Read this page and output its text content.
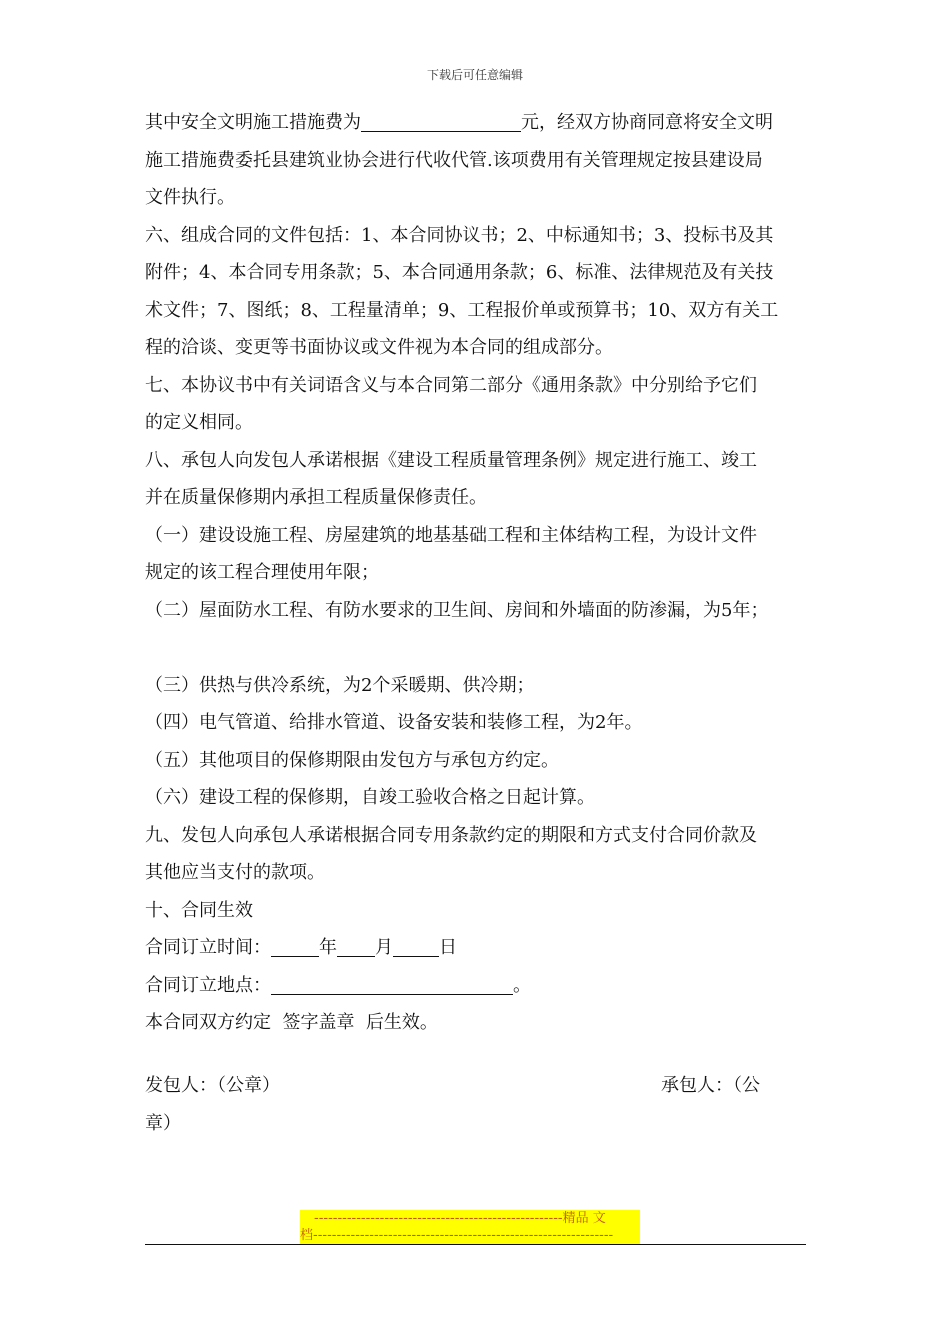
下载后可任意编辑

其中安全文明施工措施费为	元，经双方协商同意将安全文明

施工措施费委托县建筑业协会进行代收代管.该项费用有关管理规定按县建设局

文件执行。

六、组成合同的文件包括：1、本合同协议书；2、中标通知书；3、投标书及其

附件；4、本合同专用条款；5、本合同通用条款；6、标准、法律规范及有关技

术文件；7、图纸；8、工程量清单；9、工程报价单或预算书；10、双方有关工

程的洽谈、变更等书面协议或文件视为本合同的组成部分。

七、本协议书中有关词语含义与本合同第二部分《通用条款》中分别给予它们

的定义相同。

八、承包人向发包人承诺根据《建设工程质量管理条例》规定进行施工、竣工

并在质量保修期内承担工程质量保修责任。

（一）建设设施工程、房屋建筑的地基基础工程和主体结构工程，为设计文件

规定的该工程合理使用年限；

（二）屋面防水工程、有防水要求的卫生间、房间和外墙面的防渗漏，为5年；

（三）供热与供冷系统，为2个采暖期、供冷期；

（四）电气管道、给排水管道、设备安装和装修工程，为2年。

（五）其他项目的保修期限由发包方与承包方约定。

（六）建设工程的保修期，自竣工验收合格之日起计算。

九、发包人向承包人承诺根据合同专用条款约定的期限和方式支付合同价款及

其他应当支付的款项。

十、合同生效

合同订立时间：	年 月	日

合同订立地点：	。

本合同双方约定  签字盖章  后生效。

发包人：（公章）	承包人：（公
章）
-----------------------------------------------------精品 文
档----------------------------------------------------------------
